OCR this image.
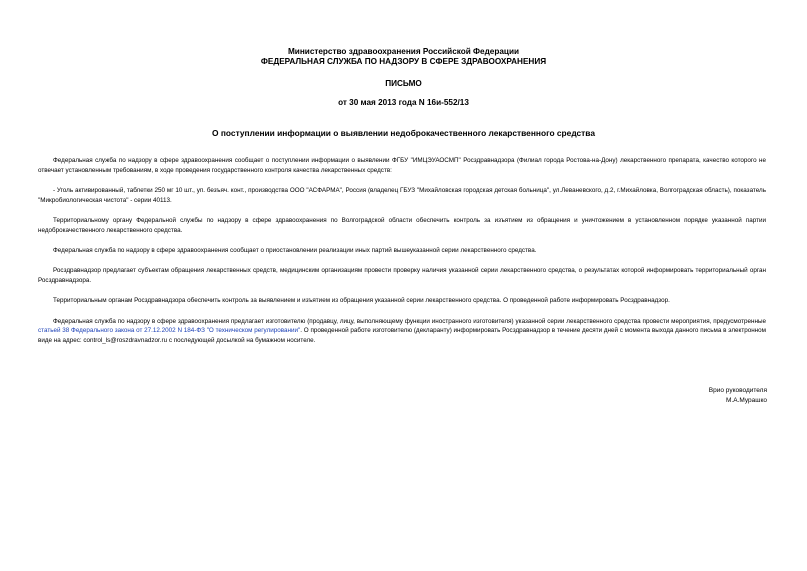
Министерство здравоохранения Российской Федерации
ФЕДЕРАЛЬНАЯ СЛУЖБА ПО НАДЗОРУ В СФЕРЕ ЗДРАВООХРАНЕНИЯ
ПИСЬМО
от 30 мая 2013 года N 16и-552/13
О поступлении информации о выявлении недоброкачественного лекарственного средства

Федеральная служба по надзору в сфере здравоохранения сообщает о поступлении информации о выявлении ФГБУ "ИМЦЭУАОСМП" Росздравнадзора (Филиал города Ростова-на-Дону) лекарственного препарата, качество которого не отвечает установленным требованиям, в ходе проведения государственного контроля качества лекарственных средств:

- Уголь активированный, таблетки 250 мг 10 шт., уп. безъяч. конт., производства ООО "АСФАРМА", Россия (владелец ГБУЗ "Михайловская городская детская больница", ул.Леваневского, д.2, г.Михайловка, Волгоградская область), показатель "Микробиологическая чистота" - серии 40113.

Территориальному органу Федеральной службы по надзору в сфере здравоохранения по Волгоградской области обеспечить контроль за изъятием из обращения и уничтожением в установленном порядке указанной партии недоброкачественного лекарственного средства.

Федеральная служба по надзору в сфере здравоохранения сообщает о приостановлении реализации иных партий вышеуказанной серии лекарственного средства.

Росздравнадзор предлагает субъектам обращения лекарственных средств, медицинским организациям провести проверку наличия указанной серии лекарственного средства, о результатах которой информировать территориальный орган Росздравнадзора.

Территориальным органам Росздравнадзора обеспечить контроль за выявлением и изъятием из обращения указанной серии лекарственного средства. О проведенной работе информировать Росздравнадзор.

Федеральная служба по надзору в сфере здравоохранения предлагает изготовителю (продавцу, лицу, выполняющему функции иностранного изготовителя) указанной серии лекарственного средства провести мероприятия, предусмотренные статьей 38 Федерального закона от 27.12.2002 N 184-ФЗ "О техническом регулировании". О проведенной работе изготовителю (декларанту) информировать Росздравнадзор в течение десяти дней с момента выхода данного письма в электронном виде на адрес: control_ls@roszdravnadzor.ru с последующей досылкой на бумажном носителе.

Врио руководителя
М.А.Мурашко
